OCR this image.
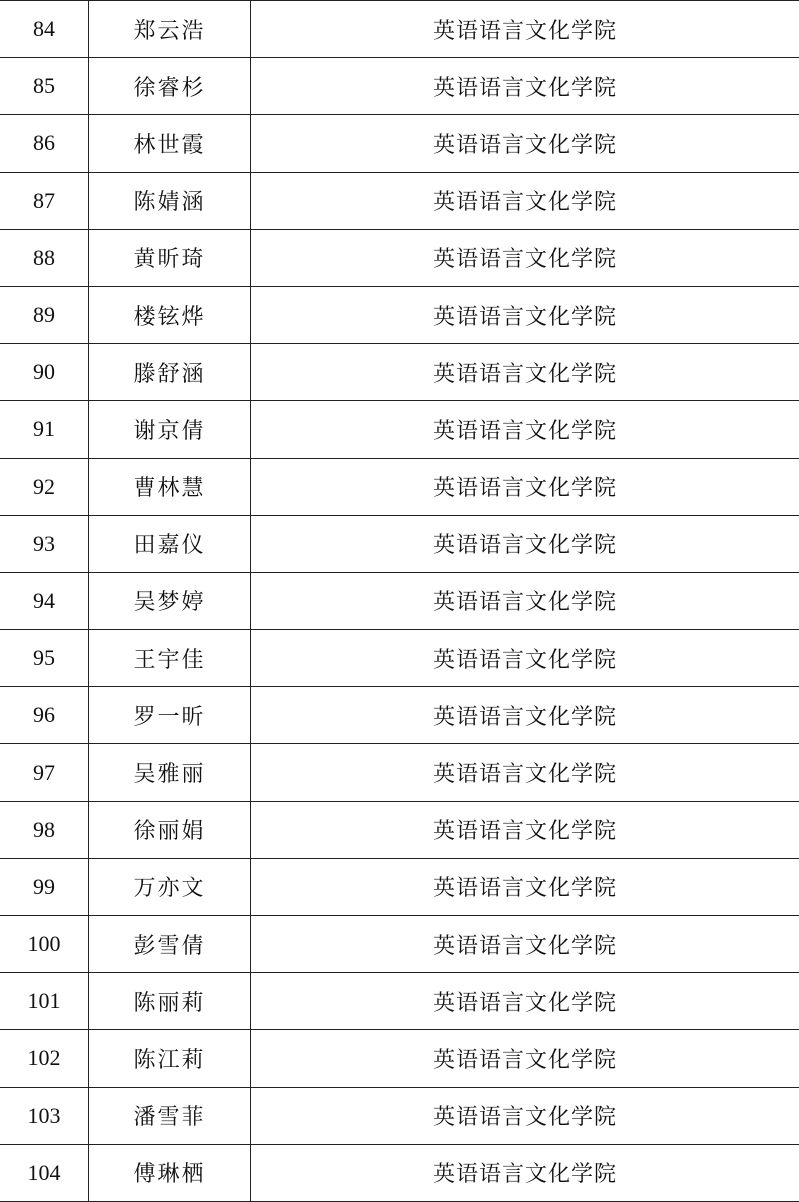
84	郑云浩	英语语言文化学院
85	徐睿杉	英语语言文化学院
86	林世霞	英语语言文化学院
87	陈婧涵	英语语言文化学院
88	黄昕琦	英语语言文化学院
89	楼铉烨	英语语言文化学院
90	滕舒涵	英语语言文化学院
91	谢京倩	英语语言文化学院
92	曹林慧	英语语言文化学院
93	田嘉仪	英语语言文化学院
94	吴梦婷	英语语言文化学院
95	王宇佳	英语语言文化学院
96	罗一昕	英语语言文化学院
97	吴雅丽	英语语言文化学院
98	徐丽娟	英语语言文化学院
99	万亦文	英语语言文化学院
100	彭雪倩	英语语言文化学院
101	陈丽莉	英语语言文化学院
102	陈江莉	英语语言文化学院
103	潘雪菲	英语语言文化学院
104	傅琳栖	英语语言文化学院
